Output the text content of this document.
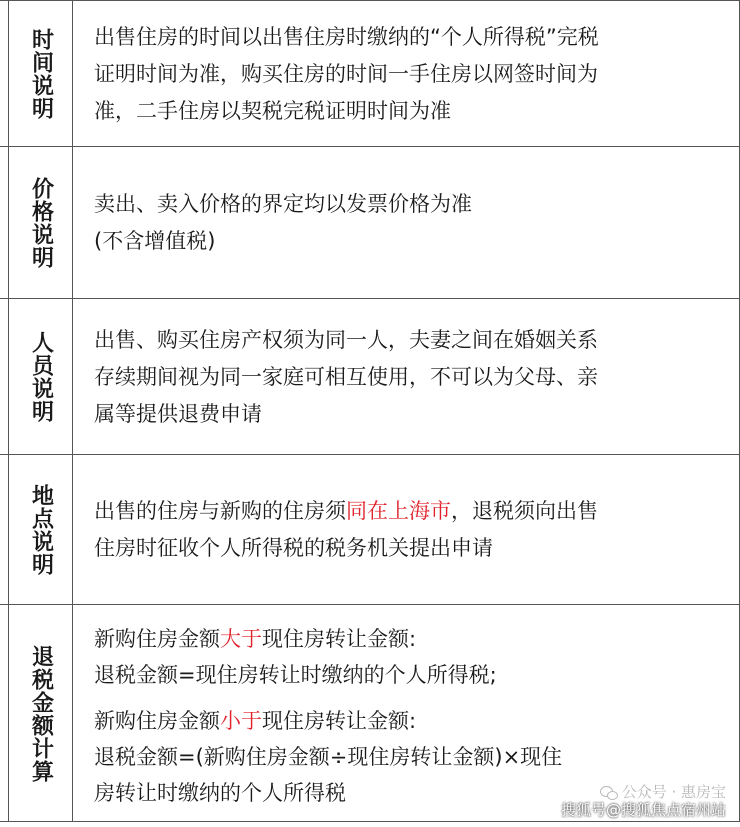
时间说明 出售住房的时间以出售住房时缴纳的“个人所得税”完税

证明时间为准，购买住房的时间一手住房以网签时间为

准，二手住房以契税完税证明时间为准

价格说明 卖出、卖入价格的界定均以发票价格为准

(不含增值税)

人员说明 出售、购买住房产权须为同一人，夫妻之间在婚姻关系

存续期间视为同一家庭可相互使用，不可以为父母、亲

属等提供退费申请

地点说明 出售的住房与新购的住房须同在上海市，退税须向出售

住房时征收个人所得税的税务机关提出申请

退税金额计算

新购住房金额大于现住房转让金额:

退税金额=现住房转让时缴纳的个人所得税;

新购住房金额小于现住房转让金额:

退税金额=(新购住房金额÷现住房转让金额)×现住

房转让时缴纳的个人所得税	公众号 · 惠房宝
搜狐号@搜狐焦点宿州站
